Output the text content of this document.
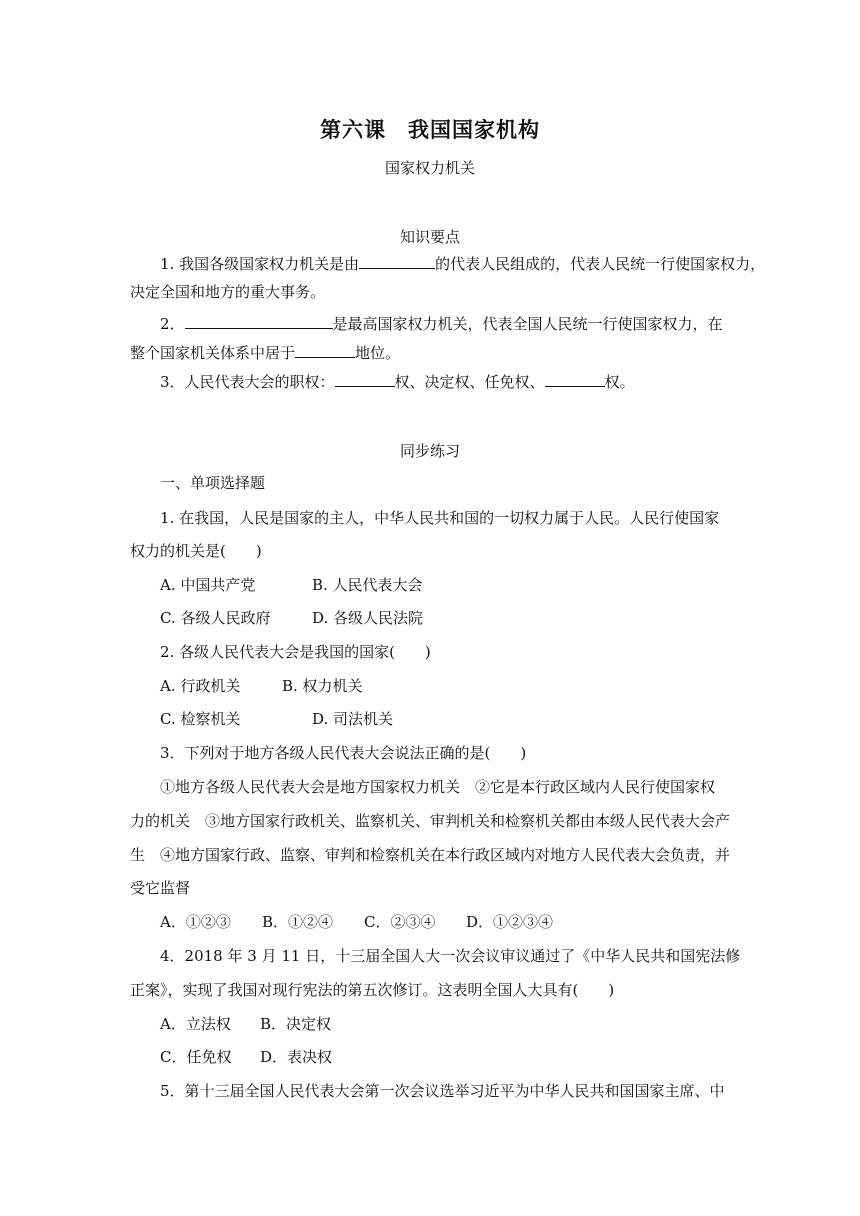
第六课　我国国家机构
国家权力机关
知识要点
1. 我国各级国家权力机关是由	的代表人民组成的，代表人民统一行使国家权力，
决定全国和地方的重大事务。
2．	是最高国家权力机关，代表全国人民统一行使国家权力，在
整个国家机关体系中居于	地位。
3．人民代表大会的职权：	权、决定权、任免权、	权。
同步练习
一、单项选择题
1. 在我国，人民是国家的主人，中华人民共和国的一切权力属于人民。人民行使国家
权力的机关是(　　)
A. 中国共产党	B. 人民代表大会
C. 各级人民政府	D. 各级人民法院
2. 各级人民代表大会是我国的国家(　　)
A. 行政机关	B. 权力机关
C. 检察机关	D. 司法机关
3．下列对于地方各级人民代表大会说法正确的是(　　)
①地方各级人民代表大会是地方国家权力机关　②它是本行政区域内人民行使国家权
力的机关　③地方国家行政机关、监察机关、审判机关和检察机关都由本级人民代表大会产
生　④地方国家行政、监察、审判和检察机关在本行政区域内对地方人民代表大会负责，并
受它监督
A．①②③ B．①②④ C．②③④ D．①②③④
4．2018 年 3 月 11 日，十三届全国人大一次会议审议通过了《中华人民共和国宪法修
正案》，实现了我国对现行宪法的第五次修订。这表明全国人大具有(　　)
A．立法权 B．决定权
C．任免权 D．表决权
5．第十三届全国人民代表大会第一次会议选举习近平为中华人民共和国国家主席、中
